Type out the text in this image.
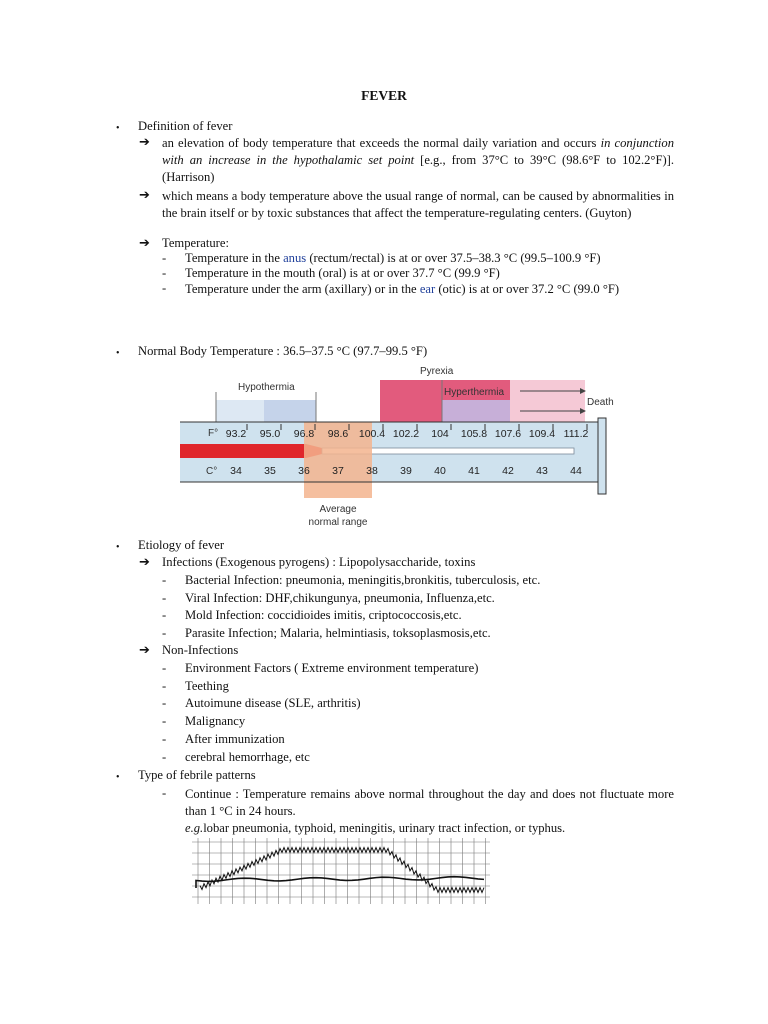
FEVER
• Definition of fever
➔ an elevation of body temperature that exceeds the normal daily variation and occurs in conjunction with an increase in the hypothalamic set point [e.g., from 37°C to 39°C (98.6°F to 102.2°F)]. (Harrison)
➔ which means a body temperature above the usual range of normal, can be caused by abnormalities in the brain itself or by toxic substances that affect the temperature-regulating centers. (Guyton)
➔ Temperature:
- Temperature in the anus (rectum/rectal) is at or over 37.5–38.3 °C (99.5–100.9 °F)
- Temperature in the mouth (oral) is at or over 37.7 °C (99.9 °F)
- Temperature under the arm (axillary) or in the ear (otic) is at or over 37.2 °C (99.0 °F)
• Normal Body Temperature : 36.5–37.5 °C (97.7–99.5 °F)
Hypothermia
Pyrexia
Hyperthermia
Death
F°
C°
93.2 95.0 96.8 98.6 100.4 102.2 104 105.8 107.6 109.4 111.2
34 35 36 37 38 39 40 41 42 43 44
Average
normal range
• Etiology of fever
➔ Infections (Exogenous pyrogens) : Lipopolysaccharide, toxins
- Bacterial Infection: pneumonia, meningitis,bronkitis, tuberculosis, etc.
- Viral Infection: DHF,chikungunya, pneumonia, Influenza,etc.
- Mold Infection: coccidioides imitis, criptococcosis,etc.
- Parasite Infection; Malaria, helmintiasis, toksoplasmosis,etc.
➔ Non-Infections
- Environment Factors ( Extreme environment temperature)
- Teething
- Autoimune disease (SLE, arthritis)
- Malignancy
- After immunization
- cerebral hemorrhage, etc
• Type of febrile patterns
- Continue : Temperature remains above normal throughout the day and does not fluctuate more than 1 °C in 24 hours.
e.g.lobar pneumonia, typhoid, meningitis, urinary tract infection, or typhus.
